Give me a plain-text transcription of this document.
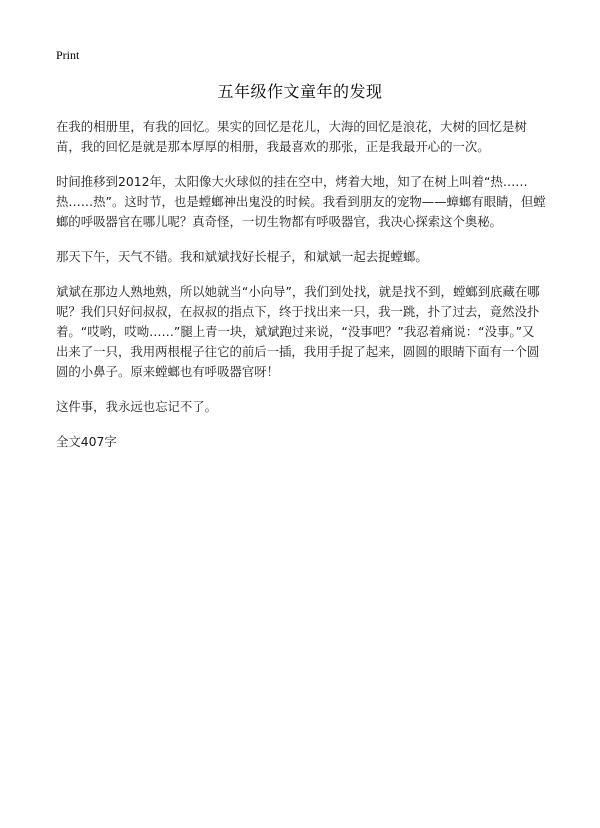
Print
五年级作文童年的发现

在我的相册里，有我的回忆。果实的回忆是花儿，大海的回忆是浪花，大树的回忆是树苗，我的回忆是就是那本厚厚的相册，我最喜欢的那张，正是我最开心的一次。

时间推移到2012年，太阳像大火球似的挂在空中，烤着大地，知了在树上叫着“热……热……热”。这时节，也是螳螂神出鬼没的时候。我看到朋友的宠物——蟑螂有眼睛，但螳螂的呼吸器官在哪儿呢？真奇怪，一切生物都有呼吸器官，我决心探索这个奥秘。

那天下午，天气不错。我和斌斌找好长棍子，和斌斌一起去捉螳螂。

斌斌在那边人熟地熟，所以她就当“小向导”，我们到处找，就是找不到，螳螂到底藏在哪呢？我们只好问叔叔，在叔叔的指点下，终于找出来一只，我一跳，扑了过去，竟然没扑着。“哎哟，哎呦……”腿上青一块，斌斌跑过来说，“没事吧？”我忍着痛说：“没事。”又出来了一只，我用两根棍子往它的前后一插，我用手捉了起来，圆圆的眼睛下面有一个圆圆的小鼻子。原来螳螂也有呼吸器官呀！

这件事，我永远也忘记不了。

全文407字
